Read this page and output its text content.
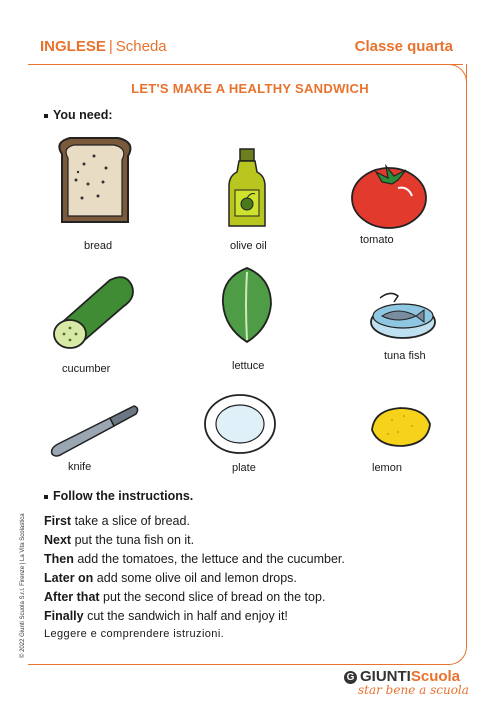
INGLESE | Scheda	Classe quarta
LET'S MAKE A HEALTHY SANDWICH
You need:
bread	olive oil	tomato
cucumber	lettuce
tuna fish
knife	plate	lemon
Follow the instructions.
First take a slice of bread.
Next put the tuna fish on it.
Then add the tomatoes, the lettuce and the cucumber.
Later on add some olive oil and lemon drops.
After that put the second slice of bread on the top.
Finally cut the sandwich in half and enjoy it!
Leggere e comprendere istruzioni.
© 2022 Giunti Scuola S.r.l. Firenze | La Vita Scolastica
G GIUNTIScuola
star bene a scuola
